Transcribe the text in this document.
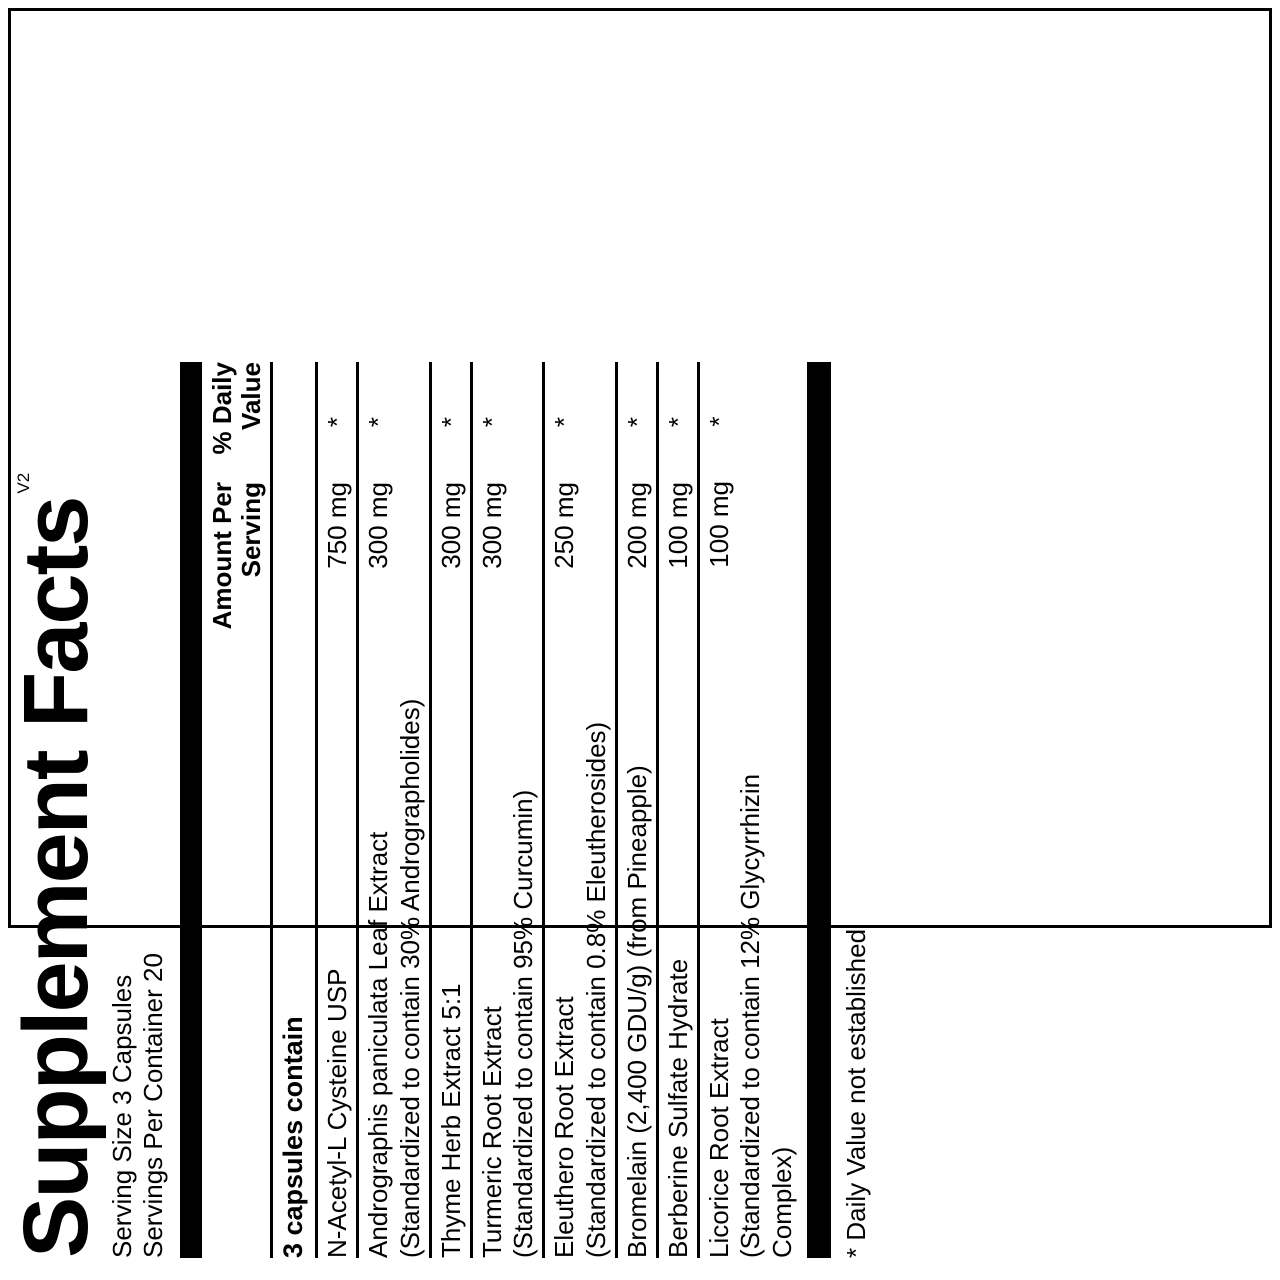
Supplement Facts
V2
Serving Size 3 Capsules Servings Per Container 20
Amount Per Serving
% Daily Value
3 capsules contain N-Acetyl-L Cysteine USP
750 mg
*
Andrographis paniculata Leaf Extract (Standardized to contain 30% Andrographolides)
300 mg
*
Thyme Herb Extract 5:1
300 mg
*
Turmeric Root Extract (Standardized to contain 95% Curcumin)
300 mg
*
Eleuthero Root Extract (Standardized to contain 0.8% Eleutherosides)
250 mg
*
Bromelain (2,400 GDU/g) (from Pineapple)
200 mg
*
Berberine Sulfate Hydrate
100 mg
*
Licorice Root Extract (Standardized to contain 12% Glycyrrhizin Complex)
100 mg
*
* Daily Value not established
